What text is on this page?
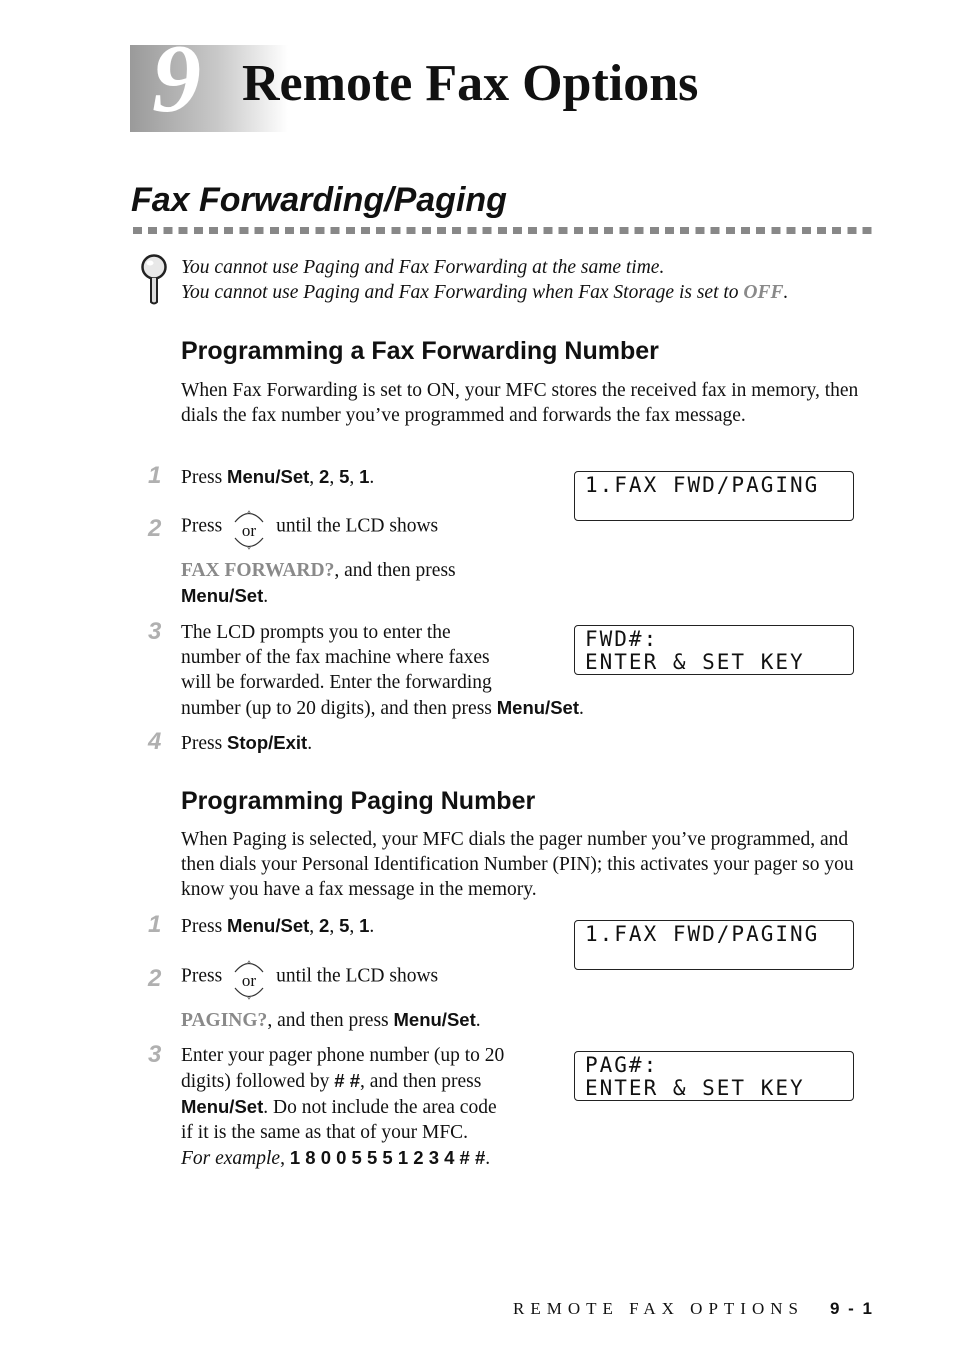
9 Remote Fax Options
Fax Forwarding/Paging
You cannot use Paging and Fax Forwarding at the same time.
You cannot use Paging and Fax Forwarding when Fax Storage is set to OFF.
Programming a Fax Forwarding Number
When Fax Forwarding is set to ON, your MFC stores the received fax in memory, then dials the fax number you’ve programmed and forwards the fax message.
1 Press Menu/Set, 2, 5, 1.	1.FAX FWD/PAGING
2 Press or until the LCD shows
FAX FORWARD?, and then press
Menu/Set.
3 The LCD prompts you to enter the
number of the fax machine where faxes
will be forwarded. Enter the forwarding
number (up to 20 digits), and then press Menu/Set.
FWD#:
ENTER & SET KEY
4 Press Stop/Exit.
Programming Paging Number
When Paging is selected, your MFC dials the pager number you’ve programmed, and then dials your Personal Identification Number (PIN); this activates your pager so you know you have a fax message in the memory.
1 Press Menu/Set, 2, 5, 1.	1.FAX FWD/PAGING
2 Press or until the LCD shows
PAGING?, and then press Menu/Set.
3 Enter your pager phone number (up to 20
digits) followed by # #, and then press
Menu/Set. Do not include the area code
if it is the same as that of your MFC.
For example, 1 8 0 0 5 5 5 1 2 3 4 # #.
PAG#:
ENTER & SET KEY
REMOTE FAX OPTIONS 9 - 1
